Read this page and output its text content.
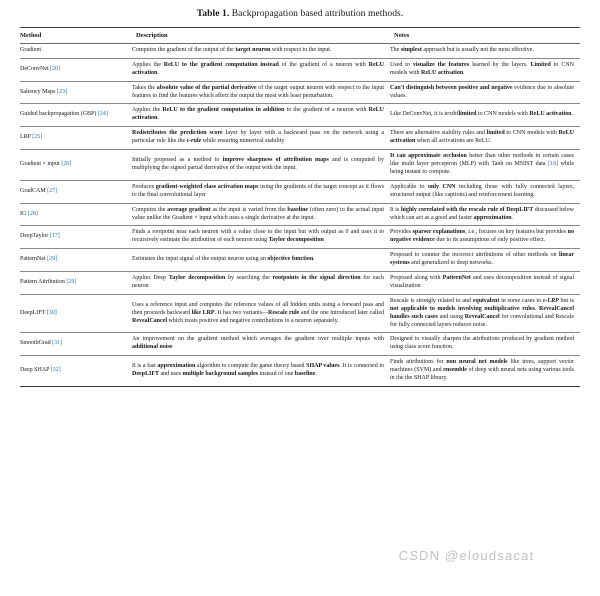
Table 1. Backpropagation based attribution methods.
Method	Description	Notes
Gradient	Computes the gradient of the output of the target neuron with respect to the input.	The simplest approach but is usually not the most effective.
DeConvNet [20]	Applies the ReLU to the gradient computation instead of the gradient of a neuron with ReLU activation.	Used to visualize the features learned by the layers. Limited to CNN models with ReLU activation.
Saliency Maps [23]	Takes the absolute value of the partial derivative of the target output neuron with respect to the input features to find the features which affect the output the most with least perturbation.	Can't distinguish between positive and negative evidence due to absolute values.
Guided backpropagation (GBP) [24]	Applies the ReLU to the gradient computation in addition to the gradient of a neuron with ReLU activation.	Like DeConvNet, it is textbflimited to CNN models with ReLU activation.
LRP [25]	Redistributes the prediction score layer by layer with a backward pass on the network using a particular rule like the ε-rule while ensuring numerical stability	There are alternative stability rules and limited to CNN models with ReLU activation when all activations are ReLU.
Gradient × input [26]	Initially proposed as a method to improve sharpness of attribution maps and is computed by multiplying the signed partial derivative of the output with the input.	It can approximate occlusion better than other methods in certain cases like multi layer perceptron (MLP) with Tanh on MNIST data [18] while being instant to compute.
GradCAM [27]	Produces gradient-weighted class activation maps using the gradients of the target concept as it flows to the final convolutional layer	Applicable to only CNN including those with fully connected layers, structured output (like captions) and reinforcement learning.
IG [28]	Computes the average gradient as the input is varied from the baseline (often zero) to the actual input value unlike the Gradient × input which uses a single derivative at the input.	It is highly correlated with the rescale rule of DeepLIFT discussed below which can act as a good and faster approximation.
DeepTaylor [17]	Finds a rootpoint near each neuron with a value close to the input but with output as 0 and uses it to recursively estimate the attribution of each neuron using Taylor decomposition	Provides sparser explanations, i.e., focuses on key features but provides no negative evidence due to its assumptions of only positive effect.
PatternNet [29]	Estimates the input signal of the output neuron using an objective function.	Proposed to counter the incorrect attributions of other methods on linear systems and generalized to deep networks.
Pattern Attribution [29]	Applies Deep Taylor decomposition by searching the rootpoints in the signal direction for each neuron	Proposed along with PatternNet and uses decomposition instead of signal visualization
DeepLIFT [30]	Uses a reference input and computes the reference values of all hidden units using a forward pass and then proceeds backward like LRP. It has two variants—Rescale rule and the one introduced later called RevealCancel which treats positive and negative contributions to a neuron separately.	Rescale is strongly related to and equivalent in some cases to ε-LRP but is not applicable to models involving multiplicative rules. RevealCancel handles such cases and using RevealCancel for convolutional and Rescale for fully connected layers reduces noise.
SmoothGrad [31]	An improvement on the gradient method which averages the gradient over multiple inputs with additional noise	Designed to visually sharpen the attributions produced by gradient method using class score function.
Deep SHAP [32]	It is a fast approximation algorithm to compute the game theory based SHAP values. It is connected to DeepLIFT and uses multiple background samples instead of one baseline.	Finds attributions for non neural net models like trees, support vector machines (SVM) and ensemble of deep with neural nets using various tools in the the SHAP library.
CSDN @eloudsacat
